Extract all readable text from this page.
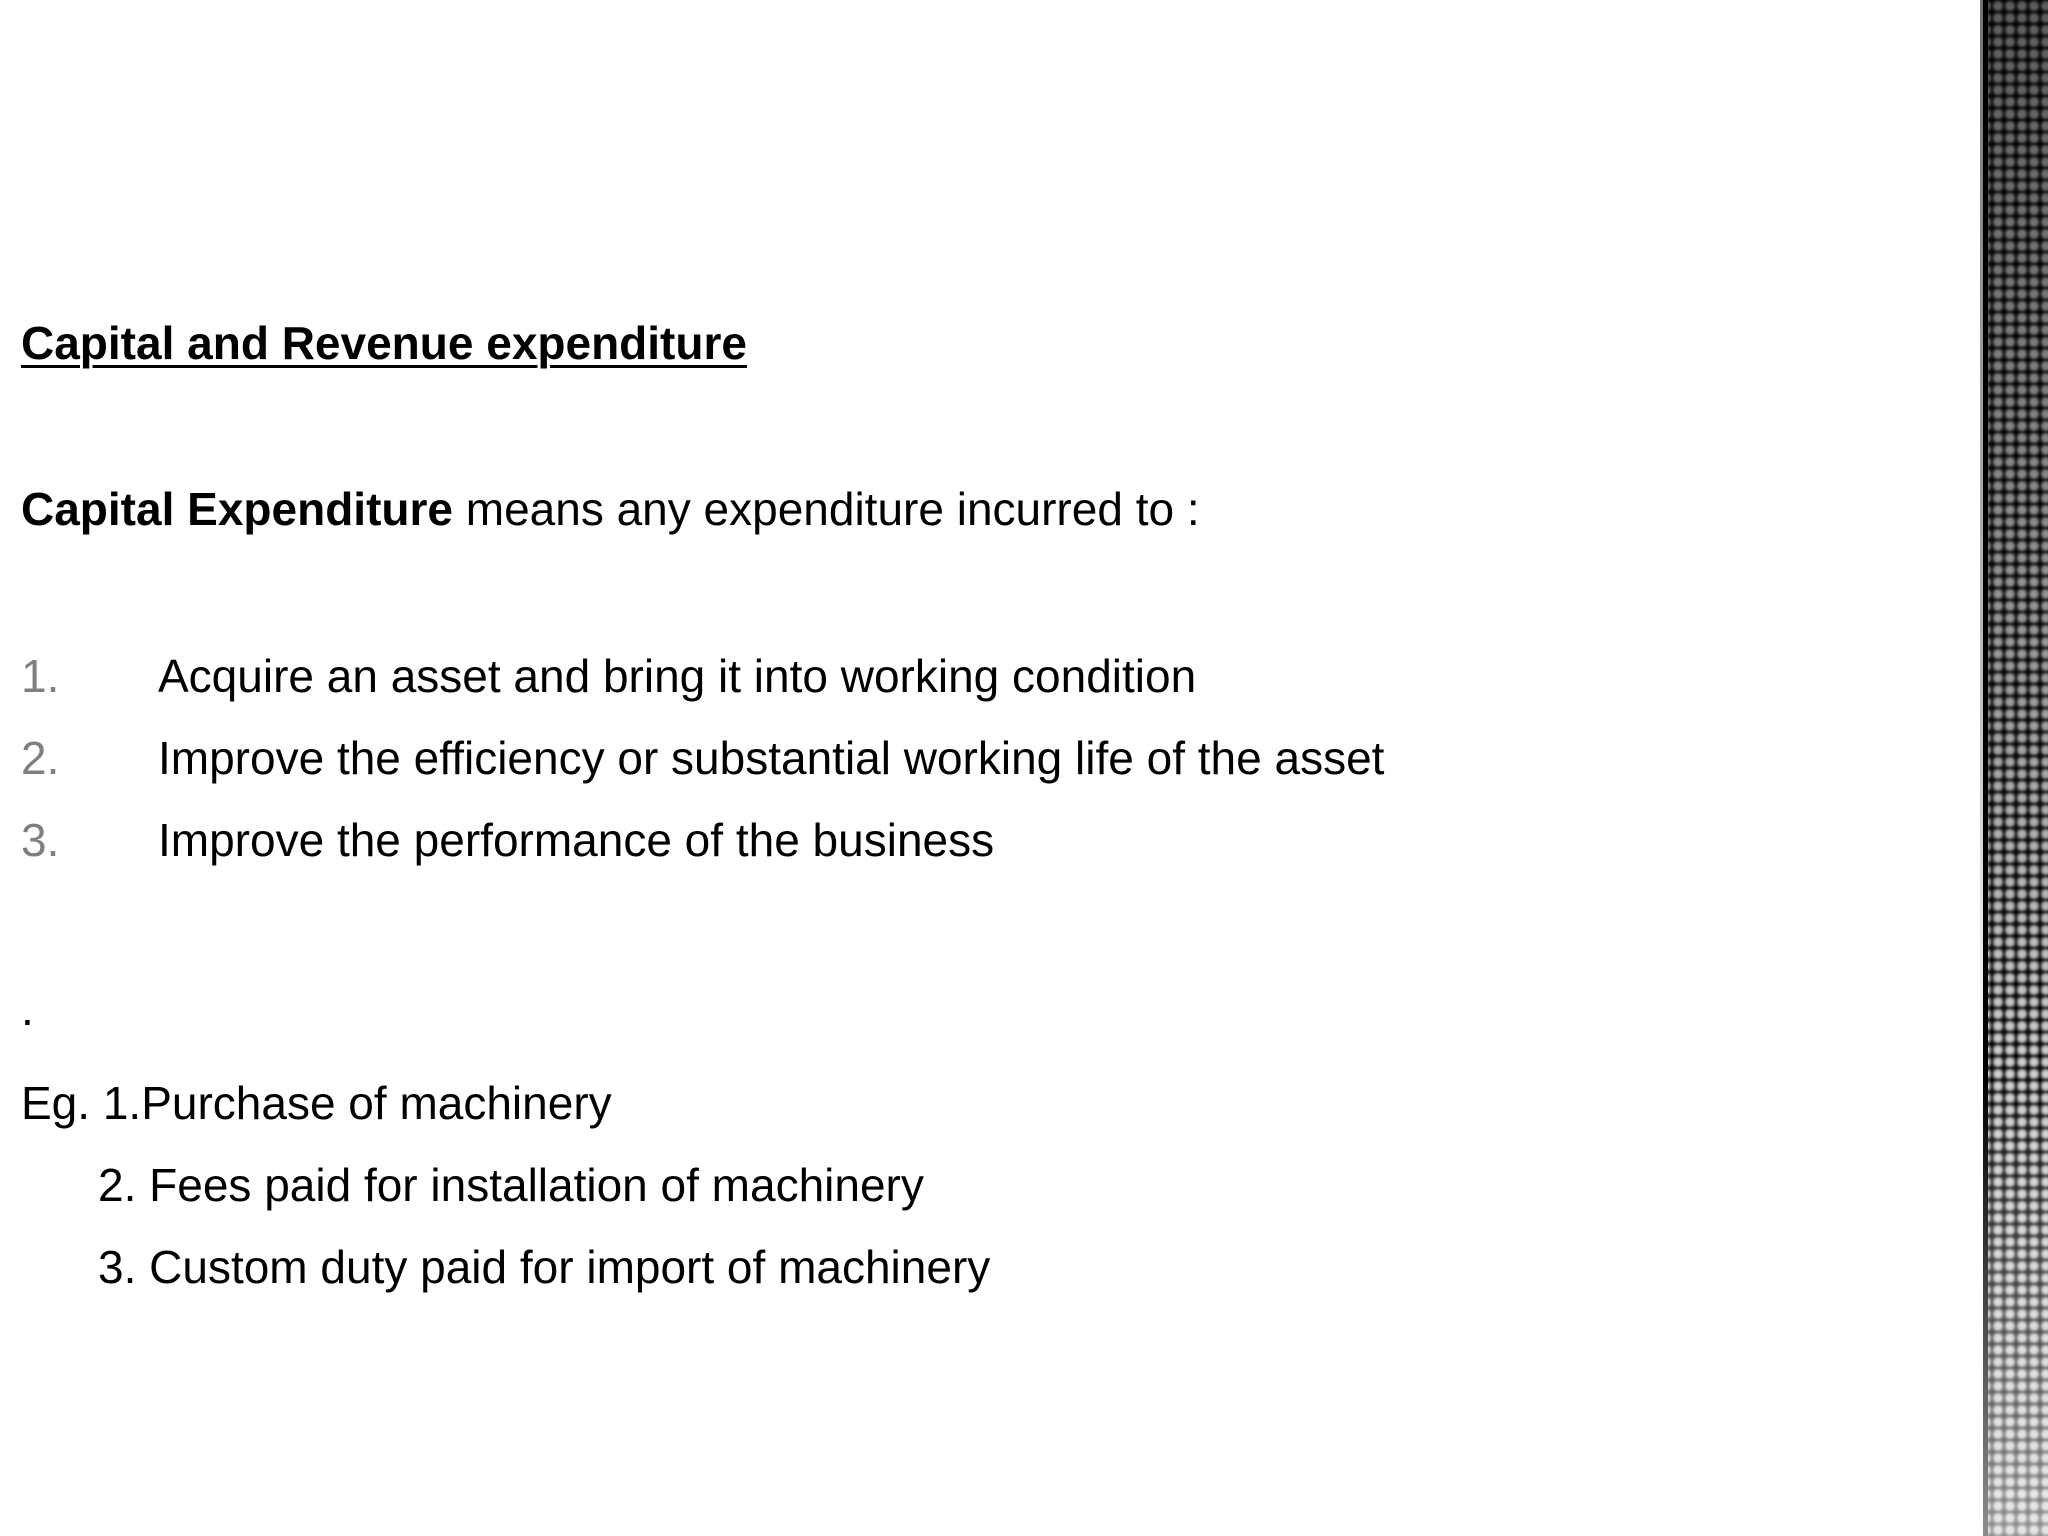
Capital and Revenue expenditure
Capital Expenditure means any expenditure incurred to :
1. Acquire an asset and bring it into working condition
2. Improve the efficiency or substantial working life of the asset
3. Improve the performance of the business
.
Eg. 1.Purchase of machinery
2. Fees paid for installation of machinery
3. Custom duty paid for import of machinery
